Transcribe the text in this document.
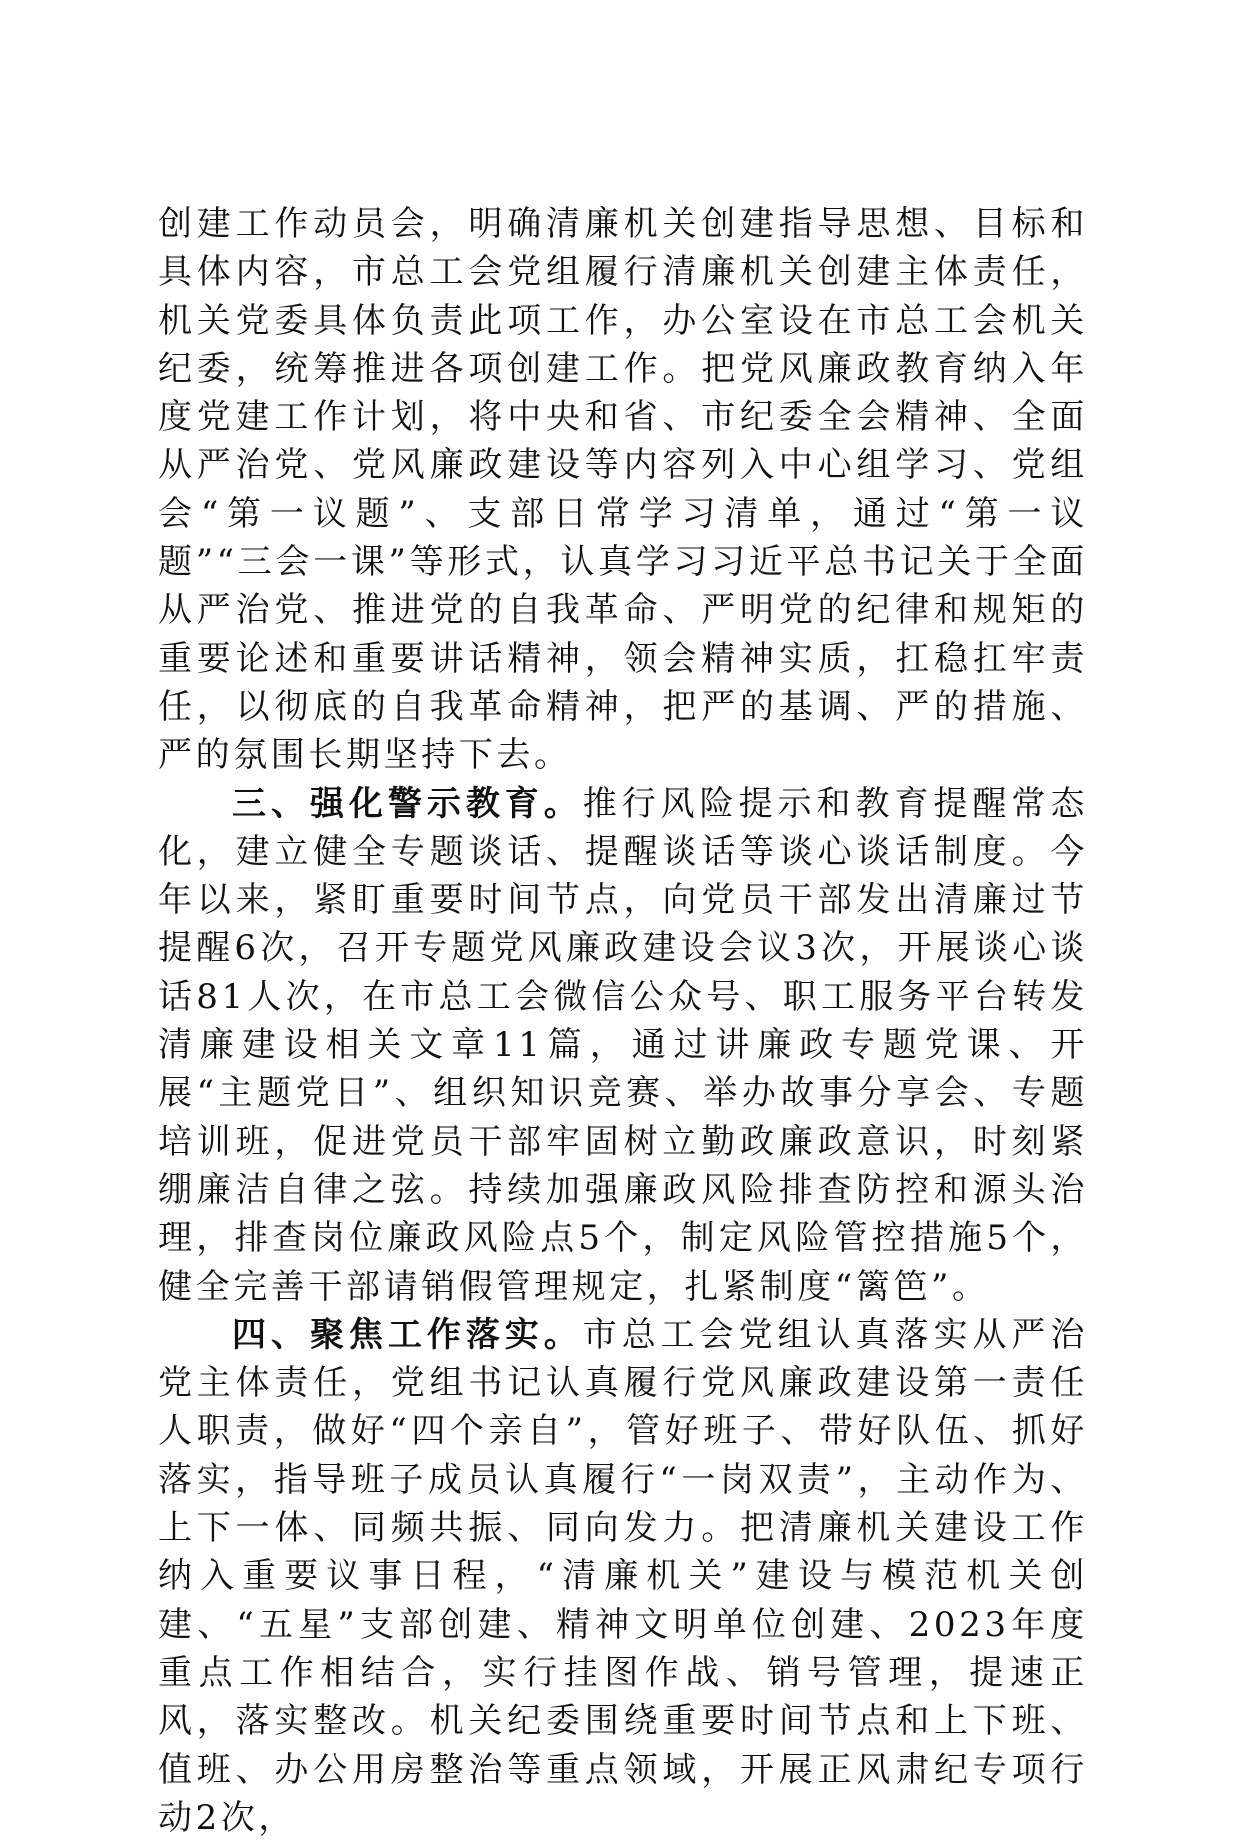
创建工作动员会，明确清廉机关创建指导思想、目标和具体内容，市总工会党组履行清廉机关创建主体责任，机关党委具体负责此项工作，办公室设在市总工会机关纪委，统筹推进各项创建工作。把党风廉政教育纳入年度党建工作计划，将中央和省、市纪委全会精神、全面从严治党、党风廉政建设等内容列入中心组学习、党组会“第一议题”、支部日常学习清单，通过“第一议题”“三会一课”等形式，认真学习习近平总书记关于全面从严治党、推进党的自我革命、严明党的纪律和规矩的重要论述和重要讲话精神，领会精神实质，扛稳扛牢责任，以彻底的自我革命精神，把严的基调、严的措施、严的氛围长期坚持下去。

三、强化警示教育。推行风险提示和教育提醒常态化，建立健全专题谈话、提醒谈话等谈心谈话制度。今年以来，紧盯重要时间节点，向党员干部发出清廉过节提醒6次，召开专题党风廉政建设会议3次，开展谈心谈话81人次，在市总工会微信公众号、职工服务平台转发清廉建设相关文章11篇，通过讲廉政专题党课、开展“主题党日”、组织知识竞赛、举办故事分享会、专题培训班，促进党员干部牢固树立勤政廉政意识，时刻紧绷廉洁自律之弦。持续加强廉政风险排查防控和源头治理，排查岗位廉政风险点5个，制定风险管控措施5个，健全完善干部请销假管理规定，扎紧制度“篱笆”。

四、聚焦工作落实。市总工会党组认真落实从严治党主体责任，党组书记认真履行党风廉政建设第一责任人职责，做好“四个亲自”，管好班子、带好队伍、抓好落实，指导班子成员认真履行“一岗双责”，主动作为、上下一体、同频共振、同向发力。把清廉机关建设工作纳入重要议事日程，“清廉机关”建设与模范机关创建、“五星”支部创建、精神文明单位创建、2023年度重点工作相结合，实行挂图作战、销号管理，提速正风，落实整改。机关纪委围绕重要时间节点和上下班、值班、办公用房整治等重点领域，开展正风肃纪专项行动2次，
